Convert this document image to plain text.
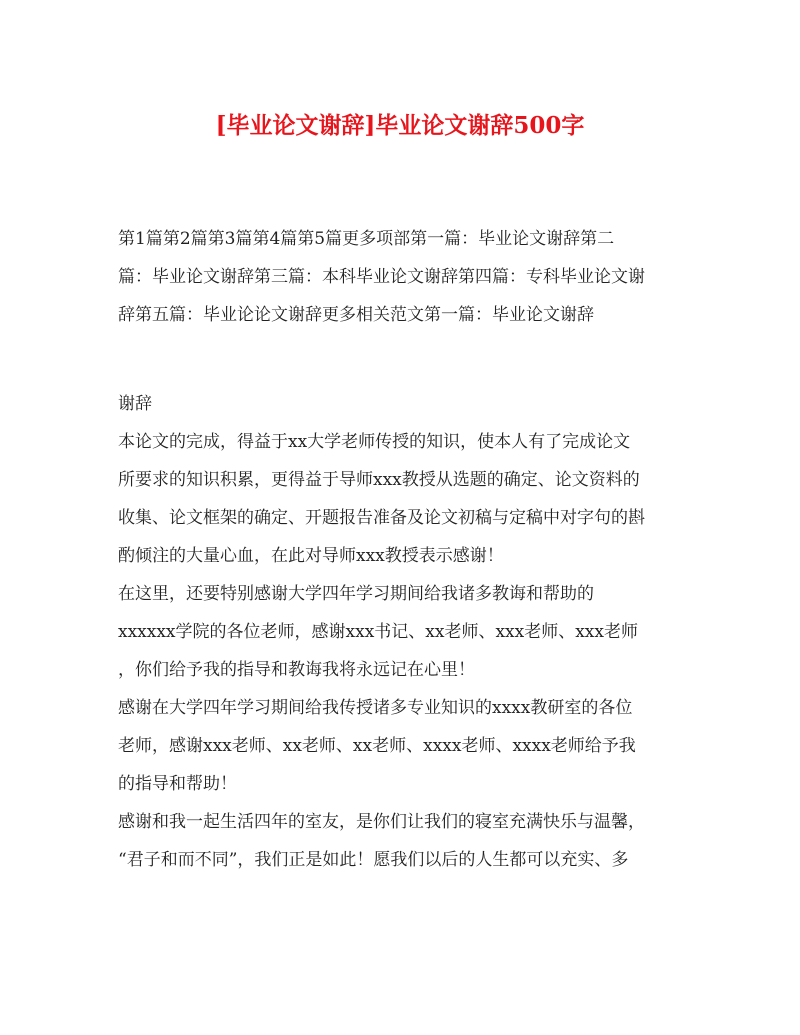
[毕业论文谢辞]毕业论文谢辞500字
第1篇第2篇第3篇第4篇第5篇更多项部第一篇：毕业论文谢辞第二
篇：毕业论文谢辞第三篇：本科毕业论文谢辞第四篇：专科毕业论文谢
辞第五篇：毕业论论文谢辞更多相关范文第一篇：毕业论文谢辞
谢辞
本论文的完成，得益于xx大学老师传授的知识，使本人有了完成论文
所要求的知识积累，更得益于导师xxx教授从选题的确定、论文资料的
收集、论文框架的确定、开题报告准备及论文初稿与定稿中对字句的斟
酌倾注的大量心血，在此对导师xxx教授表示感谢！
在这里，还要特别感谢大学四年学习期间给我诸多教诲和帮助的
xxxxxx学院的各位老师，感谢xxx书记、xx老师、xxx老师、xxx老师
，你们给予我的指导和教诲我将永远记在心里！
感谢在大学四年学习期间给我传授诸多专业知识的xxxx教研室的各位
老师，感谢xxx老师、xx老师、xx老师、xxxx老师、xxxx老师给予我
的指导和帮助！
感谢和我一起生活四年的室友，是你们让我们的寝室充满快乐与温馨，
“君子和而不同”，我们正是如此！愿我们以后的人生都可以充实、多
